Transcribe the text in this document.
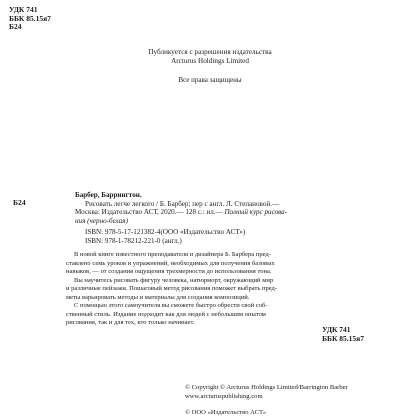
УДК 741
ББК 85.15я7
Б24
Публикуется с разрешения издательства
Arcturus Holdings Limited
Все права защищены
Б24
Барбер, Баррингтон.
Рисовать легче легкого / Б. Барбер; пер с англ. Л. Степановой.—
Москва: Издательство АСТ, 2020.— 128 с.: ил.— Полный курс рисова-
ния (черно-белая)
ISBN: 978-5-17-121382-4(ООО «Издательство АСТ»)
ISBN: 978-1-78212-221-0 (англ.)

В новой книге известного преподавателя и дизайнера Б. Барбера пред-

ставлено семь уроков и упражнений, необходимых для получения базовых
навыков, — от создания ощущения трехмерности до использования тона.

Вы научитесь рисовать фигуру человека, натюрморт, окружающий мир

и различные пейзажи. Пошаговый метод рисования поможет выбрать пред-
меты варьировать методы и материалы для создания композиций.

С помощью этого самоучителя вы сможете быстро обрести свой соб-

ственный стиль. Издание подходит как для людей с небольшим опытом
рисования, так и для тех, кто только начинает.
УДК 741
ББК 85.15я7
© Copyright © Arcturus Holdings Limited/Barrington Barber
www.arcturuspublishing.com
© ООО «Издательство АСТ»
